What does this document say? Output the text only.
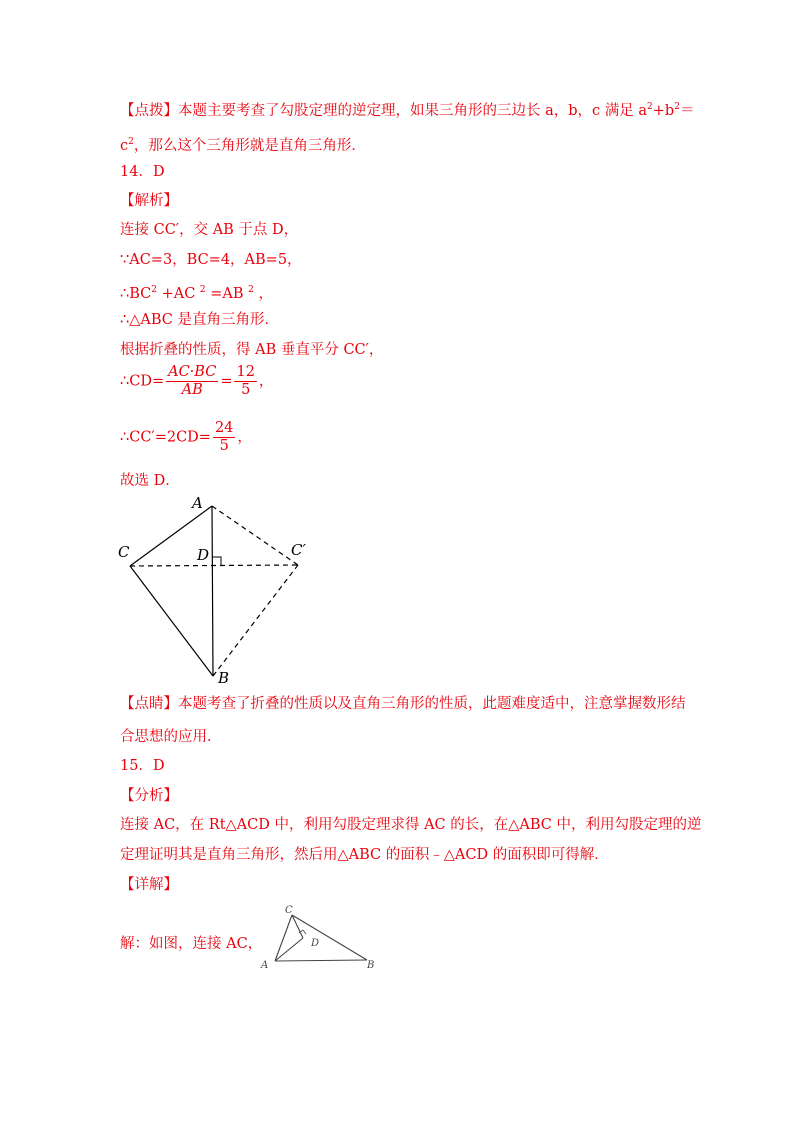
【点拨】本题主要考查了勾股定理的逆定理，如果三角形的三边长 a，b，c 满足 $a^2+b^2=$
$c^2$，那么这个三角形就是直角三角形．
14．D
【解析】
连接 CC′，交 AB 于点 D，
∵AC=3，BC=4，AB=5，
$\therefore BC^2 +AC$ $^2$ =AB $^2$ ，
∴△ABC 是直角三角形．
根据折叠的性质，得 AB 垂直平分 CC′，
∴CD= $\frac{AC\cdot BC}{AB} = \frac{12}{5}$ ，
∴CC′=2CD= $\frac{24}{5}$ ，
故选 D．
A
C	D	C′
B
【点睛】本题考查了折叠的性质以及直角三角形的性质，此题难度适中，注意掌握数形结
合思想的应用．
15．D
【分析】
连接 AC，在 Rt△ACD 中，利用勾股定理求得 AC 的长，在△ABC 中，利用勾股定理的逆
定理证明其是直角三角形，然后用△ABC 的面积﹣△ACD 的面积即可得解．
【详解】
解：如图，连接 AC，
C
D
A	B
